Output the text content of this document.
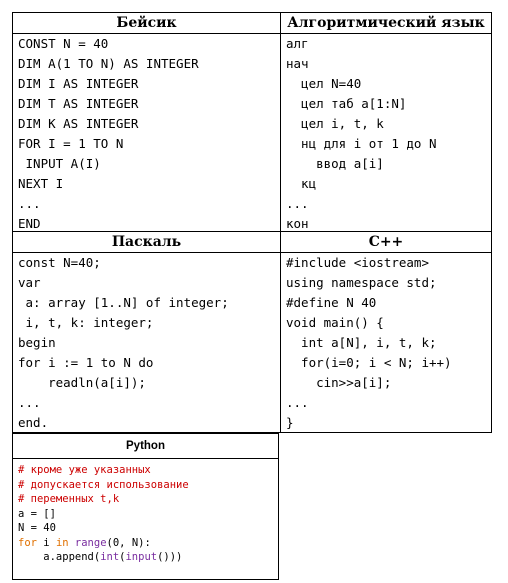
Бейсик
CONST N = 40
DIM A(1 TO N) AS INTEGER
DIM I AS INTEGER
DIM T AS INTEGER
DIM K AS INTEGER
FOR I = 1 TO N
INPUT A(I)
NEXT I
...
END
Алгоритмический язык
алг
нач
цел N=40
цел таб a[1:N]
цел i, t, k
нц для i от 1 до N
ввод a[i]
кц
...
кон
Паскаль
const N=40;
var
a: array [1..N] of integer;
i, t, k: integer;
begin
for i := 1 to N do
readln(a[i]);
...
end.
С++
#include <iostream>
using namespace std;
#define N 40
void main() {
int a[N], i, t, k;
for(i=0; i < N; i++)
cin>>a[i];
...
}
Python
# кроме уже указанных
# допускается использование
# переменных t,k
a = []
N = 40
for i in range(0, N):
a.append(int(input()))
